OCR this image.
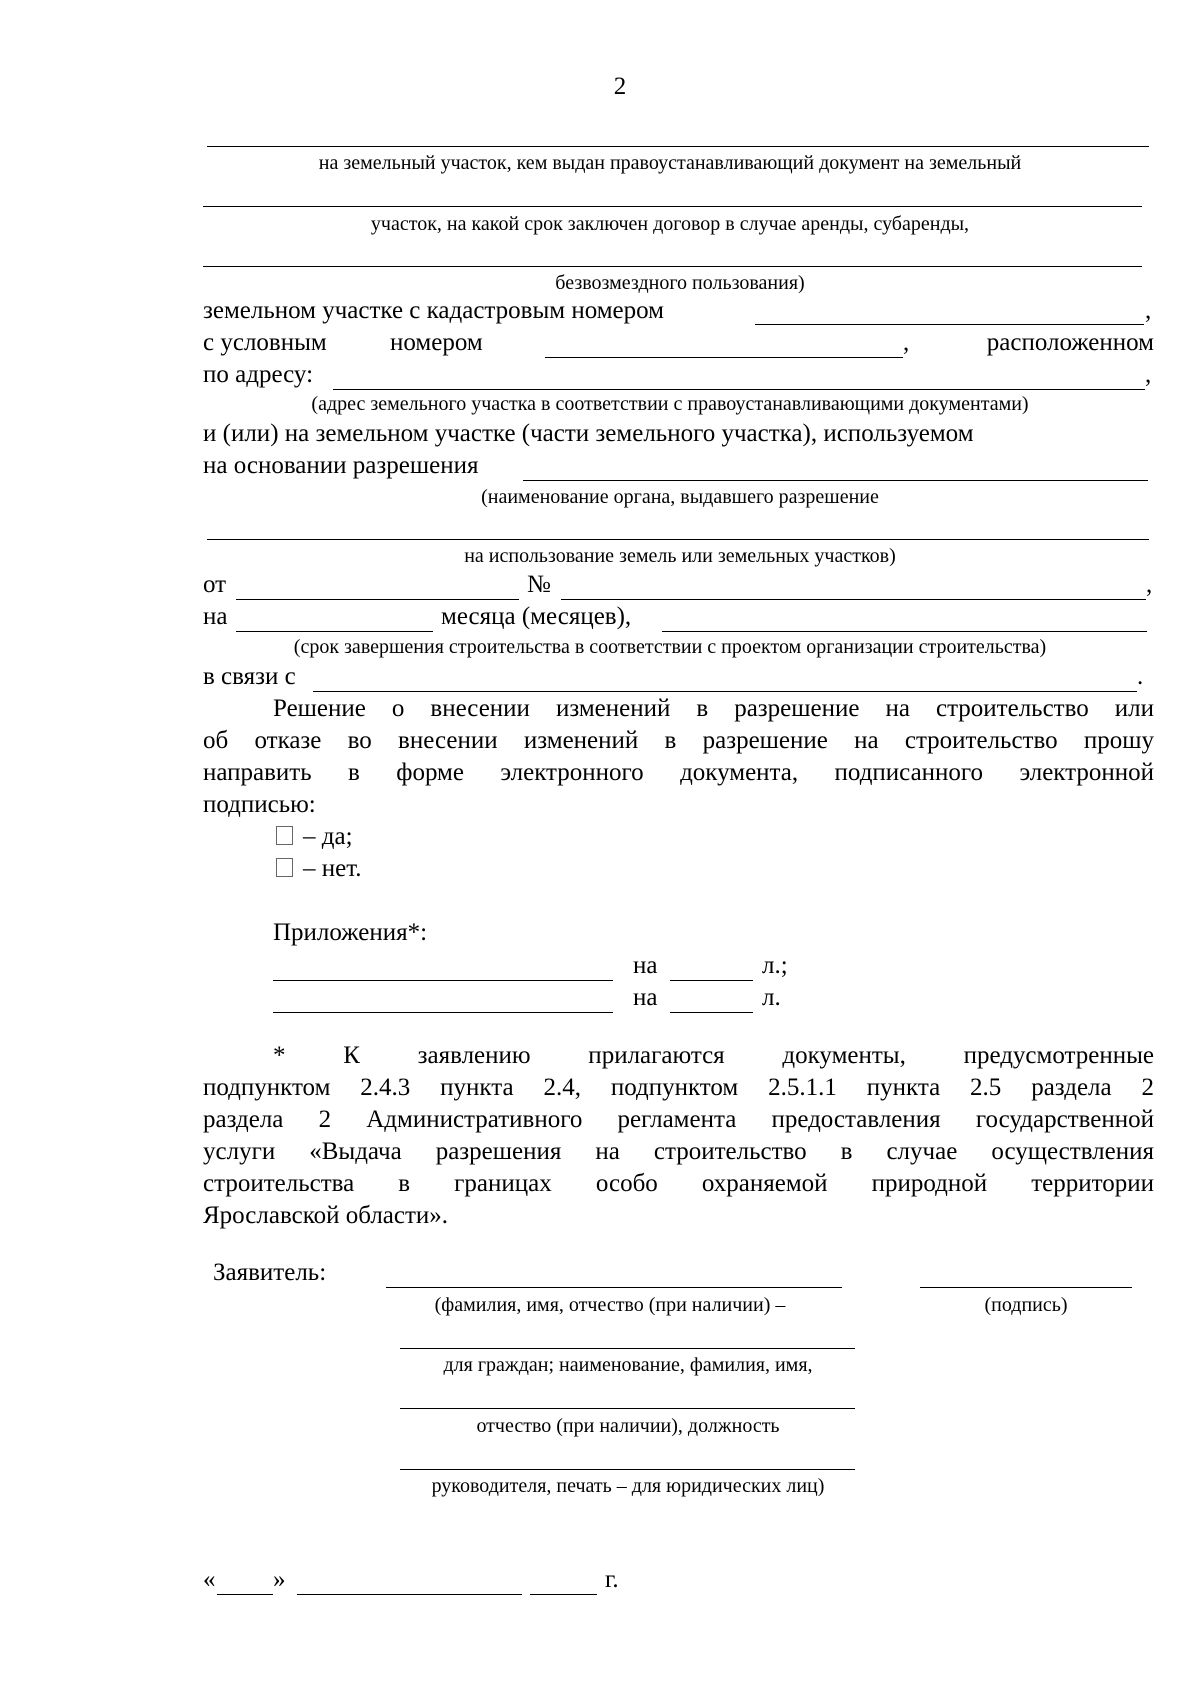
2
на земельный участок, кем выдан правоустанавливающий документ на земельный
участок, на какой срок заключен договор в случае аренды, субаренды,
безвозмездного пользования)
земельном участке с кадастровым номером	,
с условным	номером	,	расположенном
по адресу:	,
(адрес земельного участка в соответствии с правоустанавливающими документами)
и (или) на земельном участке (части земельного участка), используемом
на основании разрешения
(наименование органа, выдавшего разрешение
на использование земель или земельных участков)
от	№	,
на	месяца (месяцев),
(срок завершения строительства в соответствии с проектом организации строительства)
в связи с	.
Решение о внесении изменений в разрешение на строительство или
об отказе во внесении изменений в разрешение на строительство прошу
направить в форме электронного документа, подписанного электронной
подписью:
– да;
– нет.
Приложения*:
на	л.;
на	л.
* К заявлению прилагаются документы, предусмотренные
подпунктом 2.4.3 пункта 2.4, подпунктом 2.5.1.1 пункта 2.5 раздела 2
раздела 2 Административного регламента предоставления государственной
услуги «Выдача разрешения на строительство в случае осуществления
строительства в границах особо охраняемой природной территории
Ярославской области».
Заявитель:
(фамилия, имя, отчество (при наличии) –	(подпись)
для граждан; наименование, фамилия, имя,
отчество (при наличии), должность
руководителя, печать – для юридических лиц)
« »	г.
